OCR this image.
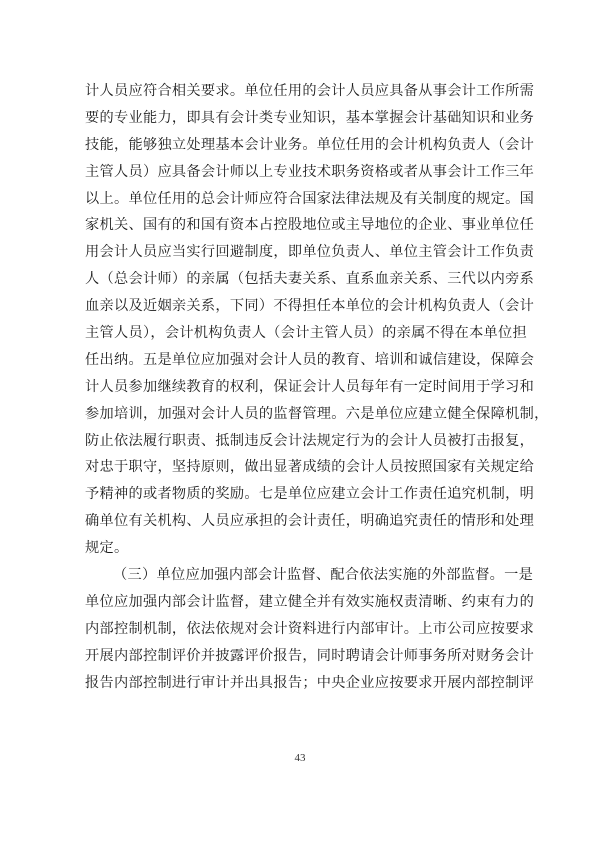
计人员应符合相关要求。单位任用的会计人员应具备从事会计工作所需
要的专业能力，即具有会计类专业知识，基本掌握会计基础知识和业务
技能，能够独立处理基本会计业务。单位任用的会计机构负责人（会计
主管人员）应具备会计师以上专业技术职务资格或者从事会计工作三年
以上。单位任用的总会计师应符合国家法律法规及有关制度的规定。国
家机关、国有的和国有资本占控股地位或主导地位的企业、事业单位任
用会计人员应当实行回避制度，即单位负责人、单位主管会计工作负责
人（总会计师）的亲属（包括夫妻关系、直系血亲关系、三代以内旁系
血亲以及近姻亲关系，下同）不得担任本单位的会计机构负责人（会计
主管人员），会计机构负责人（会计主管人员）的亲属不得在本单位担
任出纳。五是单位应加强对会计人员的教育、培训和诚信建设，保障会
计人员参加继续教育的权利，保证会计人员每年有一定时间用于学习和
参加培训，加强对会计人员的监督管理。六是单位应建立健全保障机制，
防止依法履行职责、抵制违反会计法规定行为的会计人员被打击报复，
对忠于职守，坚持原则，做出显著成绩的会计人员按照国家有关规定给
予精神的或者物质的奖励。七是单位应建立会计工作责任追究机制，明
确单位有关机构、人员应承担的会计责任，明确追究责任的情形和处理
规定。
（三）单位应加强内部会计监督、配合依法实施的外部监督。一是
单位应加强内部会计监督，建立健全并有效实施权责清晰、约束有力的
内部控制机制，依法依规对会计资料进行内部审计。上市公司应按要求
开展内部控制评价并披露评价报告，同时聘请会计师事务所对财务会计
报告内部控制进行审计并出具报告；中央企业应按要求开展内部控制评
43
